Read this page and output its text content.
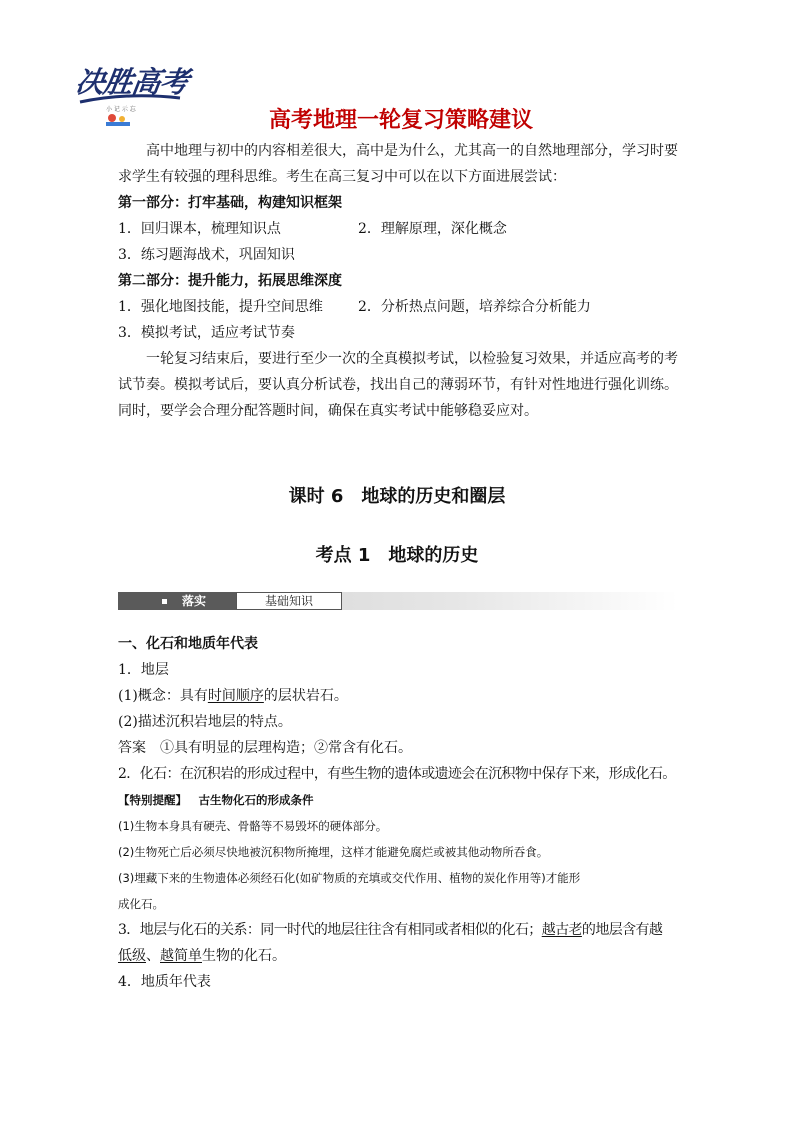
决胜高考
小 记 示 忘	高考地理一轮复习策略建议

高中地理与初中的内容相差很大，高中是为什么，尤其高一的自然地理部分，学习时要求学生有较强的理科思维。考生在高三复习中可以在以下方面进展尝试：

第一部分：打牢基础，构建知识框架

1．回归课本，梳理知识点	2．理解原理，深化概念

3．练习题海战术，巩固知识

第二部分：提升能力，拓展思维深度

1．强化地图技能，提升空间思维	2．分析热点问题，培养综合分析能力

3．模拟考试，适应考试节奏

一轮复习结束后，要进行至少一次的全真模拟考试，以检验复习效果，并适应高考的考试节奏。模拟考试后，要认真分析试卷，找出自己的薄弱环节，有针对性地进行强化训练。同时，要学会合理分配答题时间，确保在真实考试中能够稳妥应对。

课时 6　地球的历史和圈层
考点 1　地球的历史
落实	基础知识

一、化石和地质年代表

1．地层

(1)概念：具有时间顺序的层状岩石。

(2)描述沉积岩地层的特点。

答案　①具有明显的层理构造；②常含有化石。

2．化石：在沉积岩的形成过程中，有些生物的遗体或遗迹会在沉积物中保存下来，形成化石。

【特别提醒】  古生物化石的形成条件

(1)生物本身具有硬壳、骨骼等不易毁坏的硬体部分。

(2)生物死亡后必须尽快地被沉积物所掩埋，这样才能避免腐烂或被其他动物所吞食。

(3)埋藏下来的生物遗体必须经石化(如矿物质的充填或交代作用、植物的炭化作用等)才能形

成化石。

3．地层与化石的关系：同一时代的地层往往含有相同或者相似的化石；越古老的地层含有越

低级、越简单生物的化石。

4．地质年代表
